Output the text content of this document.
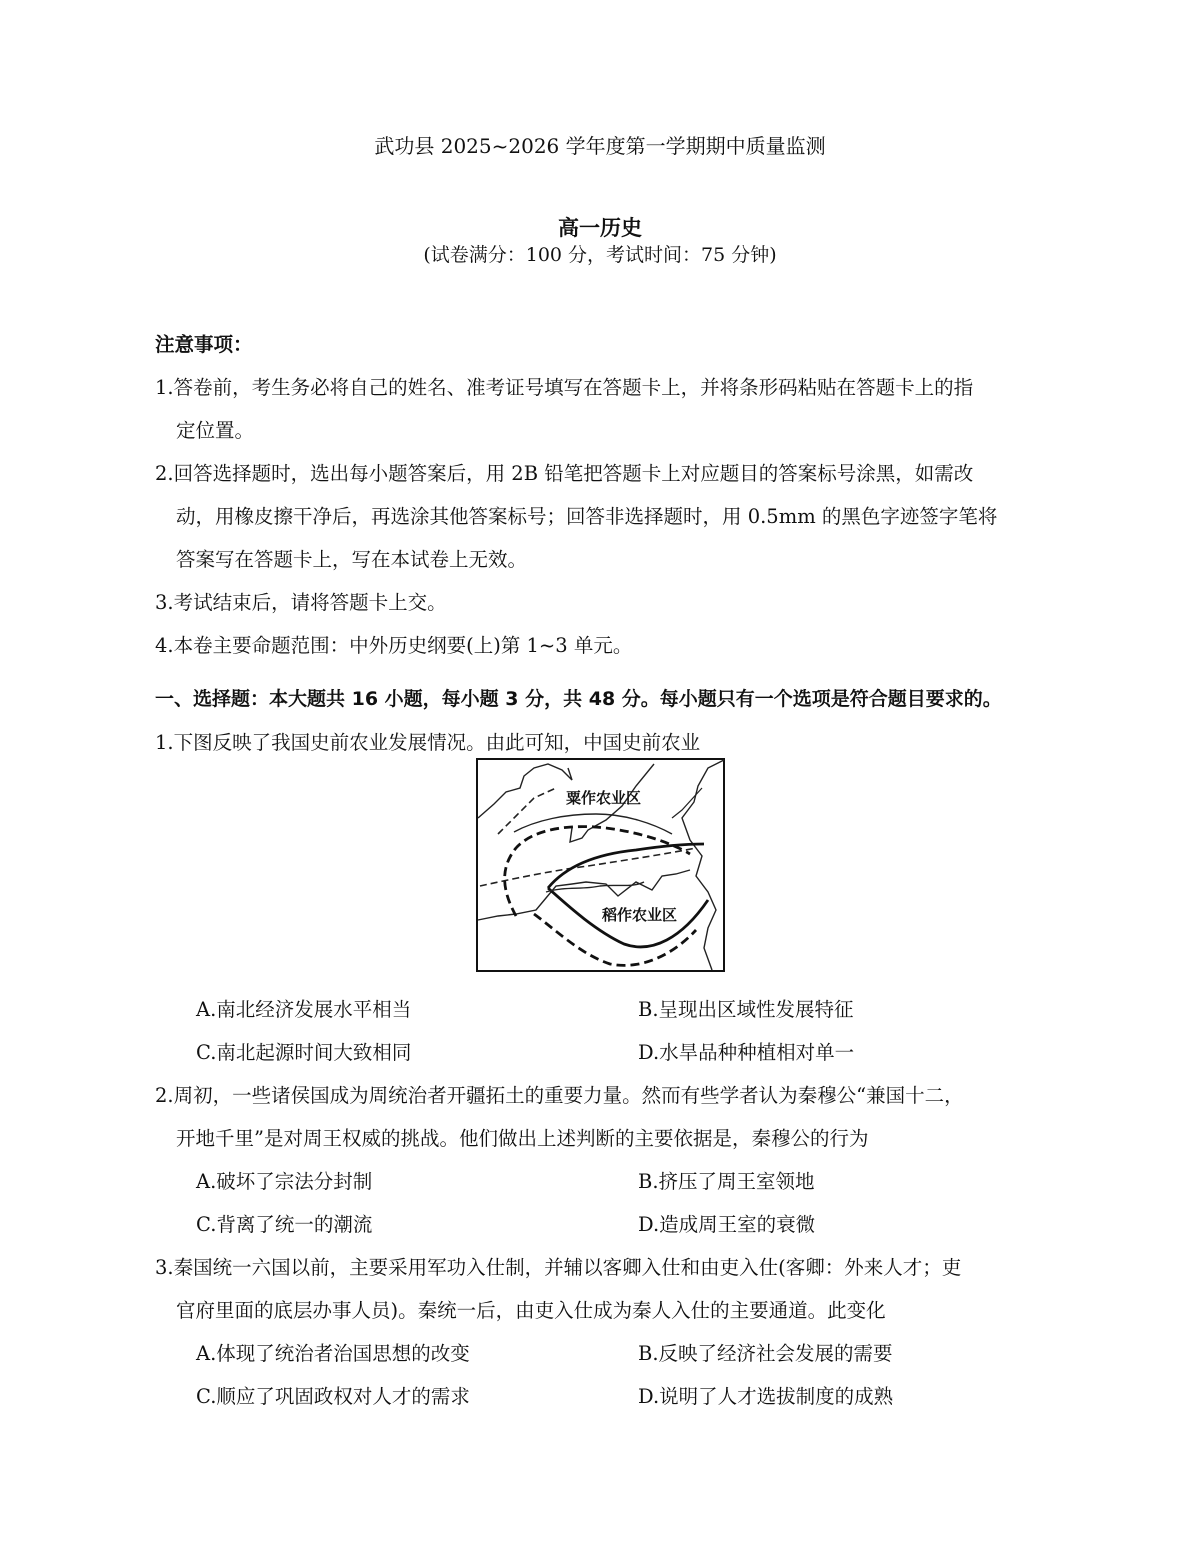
武功县 2025~2026 学年度第一学期期中质量监测
高一历史
(试卷满分：100 分，考试时间：75 分钟)
注意事项：
1.答卷前，考生务必将自己的姓名、准考证号填写在答题卡上，并将条形码粘贴在答题卡上的指
定位置。
2.回答选择题时，选出每小题答案后，用 2B 铅笔把答题卡上对应题目的答案标号涂黑，如需改
动，用橡皮擦干净后，再选涂其他答案标号；回答非选择题时，用 0.5mm 的黑色字迹签字笔将
答案写在答题卡上，写在本试卷上无效。
3.考试结束后，请将答题卡上交。
4.本卷主要命题范围：中外历史纲要(上)第 1~3 单元。
一、选择题：本大题共 16 小题，每小题 3 分，共 48 分。每小题只有一个选项是符合题目要求的。
1.下图反映了我国史前农业发展情况。由此可知，中国史前农业
粟作农业区
稻作农业区
A.南北经济发展水平相当	B.呈现出区域性发展特征
C.南北起源时间大致相同	D.水旱品种种植相对单一
2.周初，一些诸侯国成为周统治者开疆拓土的重要力量。然而有些学者认为秦穆公“兼国十二，
开地千里”是对周王权威的挑战。他们做出上述判断的主要依据是，秦穆公的行为
A.破坏了宗法分封制	B.挤压了周王室领地
C.背离了统一的潮流	D.造成周王室的衰微
3.秦国统一六国以前，主要采用军功入仕制，并辅以客卿入仕和由吏入仕(客卿：外来人才；吏
官府里面的底层办事人员)。秦统一后，由吏入仕成为秦人入仕的主要通道。此变化
A.体现了统治者治国思想的改变	B.反映了经济社会发展的需要
C.顺应了巩固政权对人才的需求	D.说明了人才选拔制度的成熟
